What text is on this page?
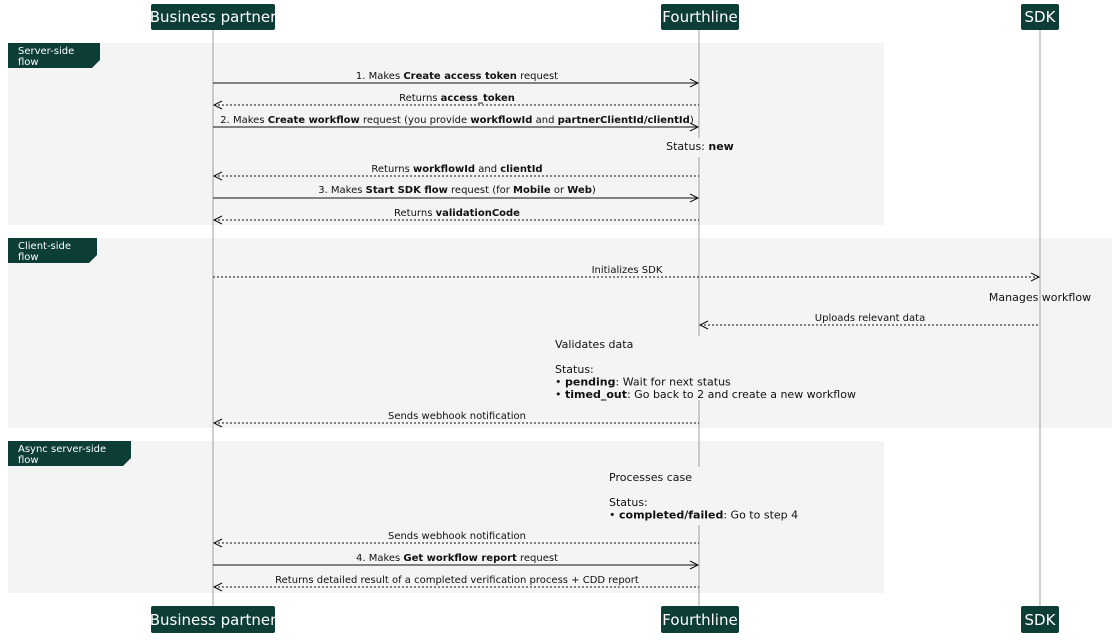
Server-side
flow
Client-side
flow
Async server-side
flow
Business partner	Fourthline	SDK
Business partner	Fourthline	SDK
1. Makes Create access token request
Returns access_token
2. Makes Create workflow request (you provide workflowId and partnerClientId/clientId)
Status: new
Returns workflowId and clientId
3. Makes Start SDK flow request (for Mobile or Web)
Returns validationCode
Initializes SDK
Manages workflow
Uploads relevant data
Validates data
Status:
• pending: Wait for next status
• timed_out: Go back to 2 and create a new workflow
Sends webhook notification
Processes case
Status:
• completed/failed: Go to step 4
Sends webhook notification
4. Makes Get workflow report request
Returns detailed result of a completed verification process + CDD report
